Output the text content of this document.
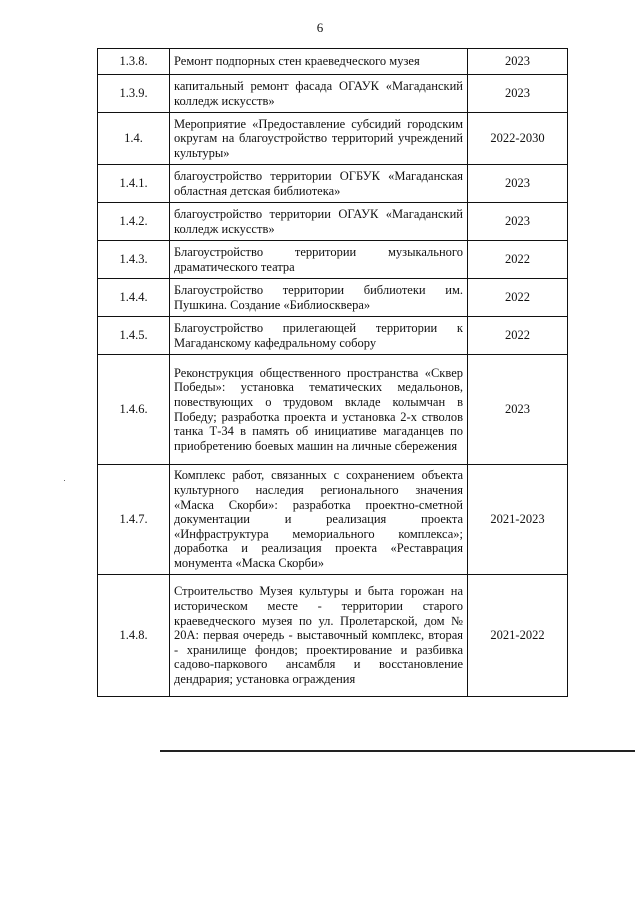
6
1.3.8.	Ремонт подпорных стен краеведческого музея	2023
1.3.9.	капитальный ремонт фасада ОГАУК «Магаданский колледж искусств»	2023
1.4.	Мероприятие «Предоставление субсидий городским округам на благоустройство территорий учреждений культуры»	2022-2030
1.4.1.	благоустройство территории ОГБУК «Магаданская областная детская библиотека»	2023
1.4.2.	благоустройство территории ОГАУК «Магаданский колледж искусств»	2023
1.4.3.	Благоустройство территории музыкального драматического театра	2022
1.4.4.	Благоустройство территории библиотеки им. Пушкина. Создание «Библиосквера»	2022
1.4.5.	Благоустройство прилегающей территории к Магаданскому кафедральному собору	2022
1.4.6.	Реконструкция общественного пространства «Сквер Победы»: установка тематических медальонов, повествующих о трудовом вкладе колымчан в Победу; разработка проекта и установка 2-х стволов танка Т-34 в память об инициативе магаданцев по приобретению боевых машин на личные сбережения	2023
1.4.7.	Комплекс работ, связанных с сохранением объекта культурного наследия регионального значения «Маска Скорби»: разработка проектно-сметной документации и реализация проекта «Инфраструктура мемориального комплекса»; доработка и реализация проекта «Реставрация монумента «Маска Скорби»	2021-2023
1.4.8.	Строительство Музея культуры и быта горожан на историческом месте - территории старого краеведческого музея по ул. Пролетарской, дом № 20А: первая очередь - выставочный комплекс, вторая - хранилище фондов; проектирование и разбивка садово-паркового ансамбля и восстановление дендрария; установка ограждения	2021-2022
